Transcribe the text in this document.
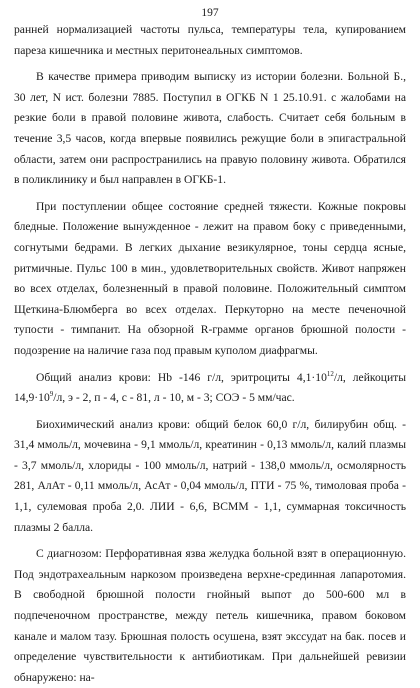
197

ранней нормализацией частоты пульса, температуры тела, купированием пареза кишечника и местных перитонеальных симптомов.

В качестве примера приводим выписку из истории болезни. Больной Б., 30 лет, N ист. болезни 7885. Поступил в ОГКБ N 1 25.10.91. с жалобами на резкие боли в правой половине живота, слабость. Считает себя больным в течение 3,5 часов, когда впервые появились режущие боли в эпигастральной области, затем они распространились на правую половину живота. Обратился в поликлинику и был направлен в ОГКБ-1.

При поступлении общее состояние средней тяжести. Кожные покровы бледные. Положение вынужденное - лежит на правом боку с приведенными, согнутыми бедрами. В легких дыхание везикулярное, тоны сердца ясные, ритмичные. Пульс 100 в мин., удовлетворительных свойств. Живот напряжен во всех отделах, болезненный в правой половине. Положительный симптом Щеткина-Блюмберга во всех отделах. Перкуторно на месте печеночной тупости - тимпанит. На обзорной R-грамме органов брюшной полости - подозрение на наличие газа под правым куполом диафрагмы.

Общий анализ крови: Hb -146 г/л, эритроциты $4,1\cdot 10^{12}/л$, лейкоциты $14,9\cdot 10^9/л$, э - 2, п - 4, с - 81, л - 10, м - 3; СОЭ - 5 мм/час.

Биохимический анализ крови: общий белок 60,0 г/л, билирубин общ. - 31,4 ммоль/л, мочевина - 9,1 ммоль/л, креатинин - 0,13 ммоль/л, калий плазмы - 3,7 ммоль/л, хлориды - 100 ммоль/л, натрий - 138,0 ммоль/л, осмолярность 281, АлАт - 0,11 ммоль/л, АсАт - 0,04 ммоль/л, ПТИ - 75 %, тимоловая проба - 1,1, сулемовая проба 2,0. ЛИИ - 6,6, ВСММ - 1,1, суммарная токсичность плазмы 2 балла.

С диагнозом: Перфоративная язва желудка больной взят в операционную. Под эндотрахеальным наркозом произведена верхне-срединная лапаротомия. В свободной брюшной полости гнойный выпот до 500-600 мл в подпеченочном пространстве, между петель кишечника, правом боковом канале и малом тазу. Брюшная полость осушена, взят экссудат на бак. посев и определение чувствительности к антибиотикам. При дальнейшей ревизии обнаружено: на-
